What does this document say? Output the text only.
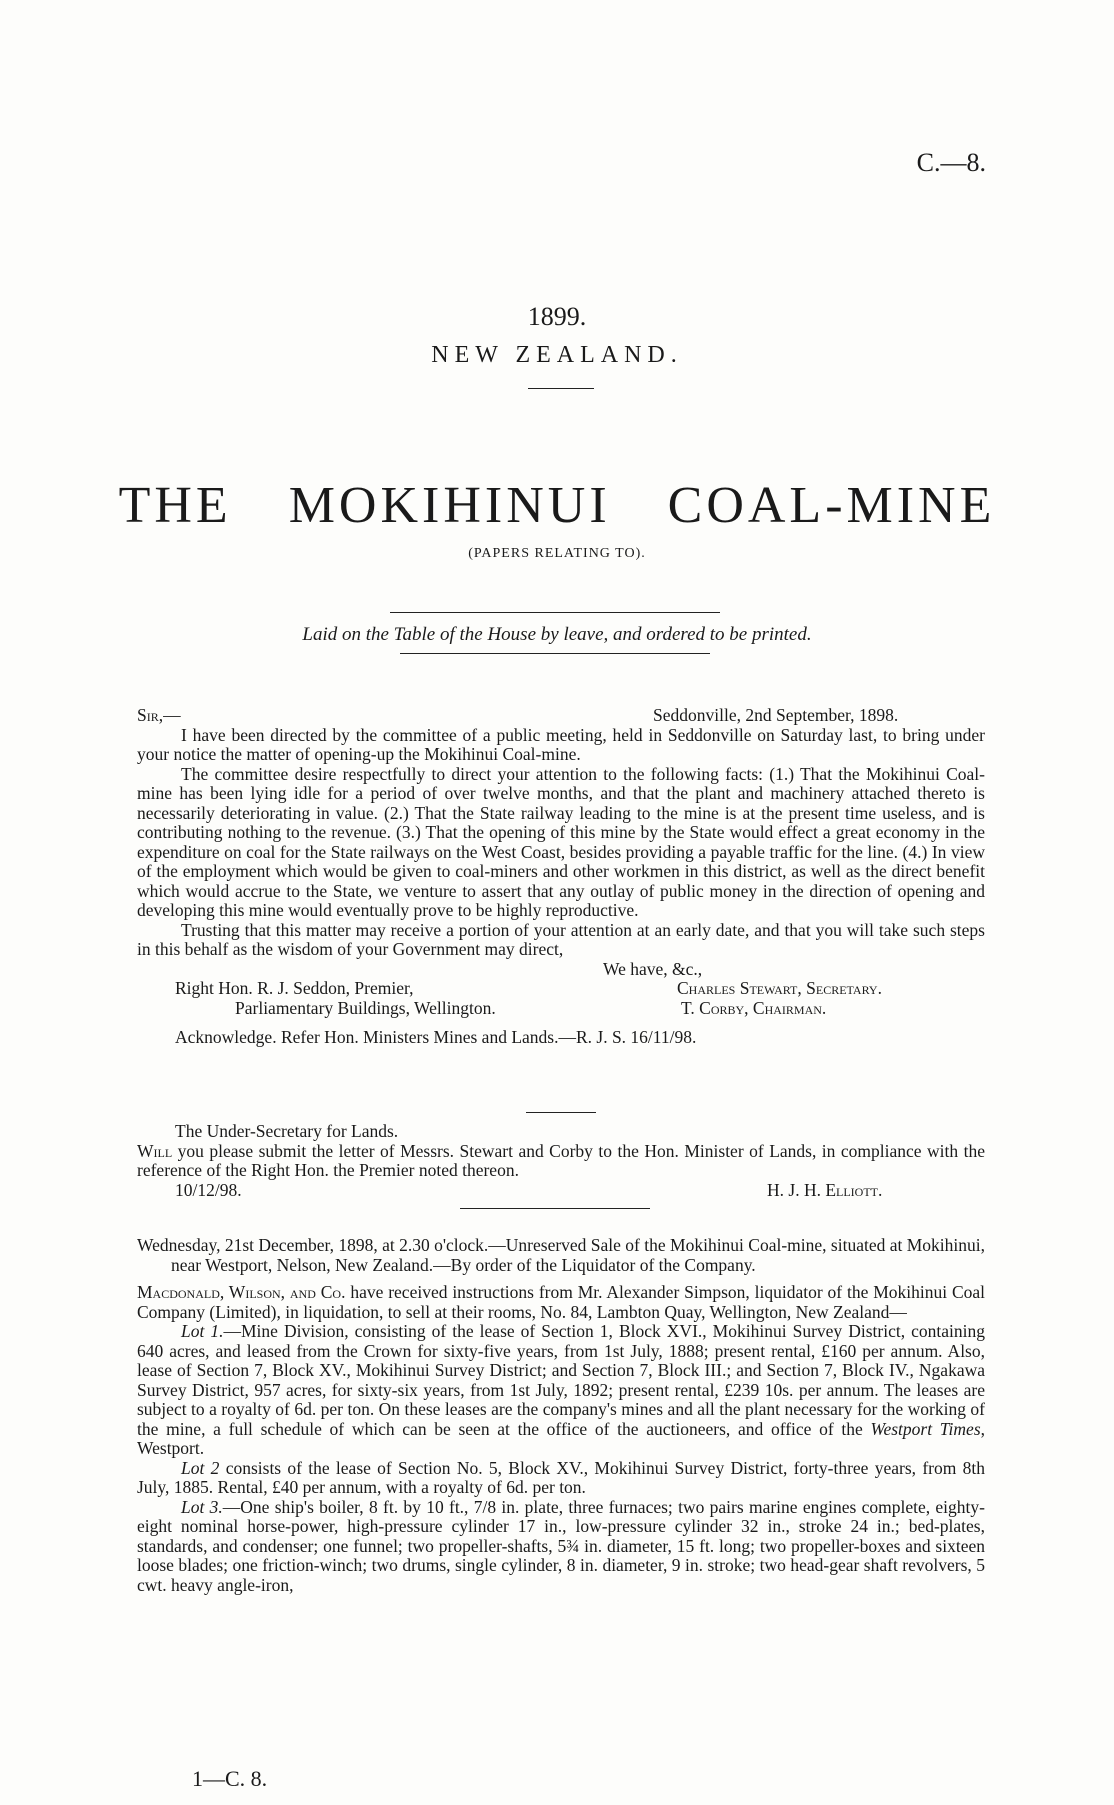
C.—8.
1899.
NEW ZEALAND.
THE MOKIHINUI COAL-MINE
(PAPERS RELATING TO).
Laid on the Table of the House by leave, and ordered to be printed.
Sir,—	Seddonville, 2nd September, 1898.

I have been directed by the committee of a public meeting, held in Seddonville on Saturday last, to bring under your notice the matter of opening-up the Mokihinui Coal-mine.

The committee desire respectfully to direct your attention to the following facts: (1.) That the Mokihinui Coal-mine has been lying idle for a period of over twelve months, and that the plant and machinery attached thereto is necessarily deteriorating in value. (2.) That the State railway leading to the mine is at the present time useless, and is contributing nothing to the revenue. (3.) That the opening of this mine by the State would effect a great economy in the expenditure on coal for the State railways on the West Coast, besides providing a payable traffic for the line. (4.) In view of the employment which would be given to coal-miners and other workmen in this district, as well as the direct benefit which would accrue to the State, we venture to assert that any outlay of public money in the direction of opening and developing this mine would eventually prove to be highly reproductive.

Trusting that this matter may receive a portion of your attention at an early date, and that you will take such steps in this behalf as the wisdom of your Government may direct,

We have, &c.,
Right Hon. R. J. Seddon, Premier,	Charles Stewart, Secretary.
Parliamentary Buildings, Wellington.	T. Corby, Chairman.
Acknowledge. Refer Hon. Ministers Mines and Lands.—R. J. S. 16/11/98.

The Under-Secretary for Lands.

Will you please submit the letter of Messrs. Stewart and Corby to the Hon. Minister of Lands, in compliance with the reference of the Right Hon. the Premier noted thereon.

10/12/98.	H. J. H. Elliott.

Wednesday, 21st December, 1898, at 2.30 o'clock.—Unreserved Sale of the Mokihinui Coal-mine, situated at Mokihinui, near Westport, Nelson, New Zealand.—By order of the Liquidator of the Company.

Macdonald, Wilson, and Co. have received instructions from Mr. Alexander Simpson, liquidator of the Mokihinui Coal Company (Limited), in liquidation, to sell at their rooms, No. 84, Lambton Quay, Wellington, New Zealand—

Lot 1.—Mine Division, consisting of the lease of Section 1, Block XVI., Mokihinui Survey District, containing 640 acres, and leased from the Crown for sixty-five years, from 1st July, 1888; present rental, £160 per annum. Also, lease of Section 7, Block XV., Mokihinui Survey District; and Section 7, Block III.; and Section 7, Block IV., Ngakawa Survey District, 957 acres, for sixty-six years, from 1st July, 1892; present rental, £239 10s. per annum. The leases are subject to a royalty of 6d. per ton. On these leases are the company's mines and all the plant necessary for the working of the mine, a full schedule of which can be seen at the office of the auctioneers, and office of the Westport Times, Westport.

Lot 2 consists of the lease of Section No. 5, Block XV., Mokihinui Survey District, forty-three years, from 8th July, 1885. Rental, £40 per annum, with a royalty of 6d. per ton.

Lot 3.—One ship's boiler, 8 ft. by 10 ft., 7/8 in. plate, three furnaces; two pairs marine engines complete, eighty-eight nominal horse-power, high-pressure cylinder 17 in., low-pressure cylinder 32 in., stroke 24 in.; bed-plates, standards, and condenser; one funnel; two propeller-shafts, 5¾ in. diameter, 15 ft. long; two propeller-boxes and sixteen loose blades; one friction-winch; two drums, single cylinder, 8 in. diameter, 9 in. stroke; two head-gear shaft revolvers, 5 cwt. heavy angle-iron,

1—C. 8.
